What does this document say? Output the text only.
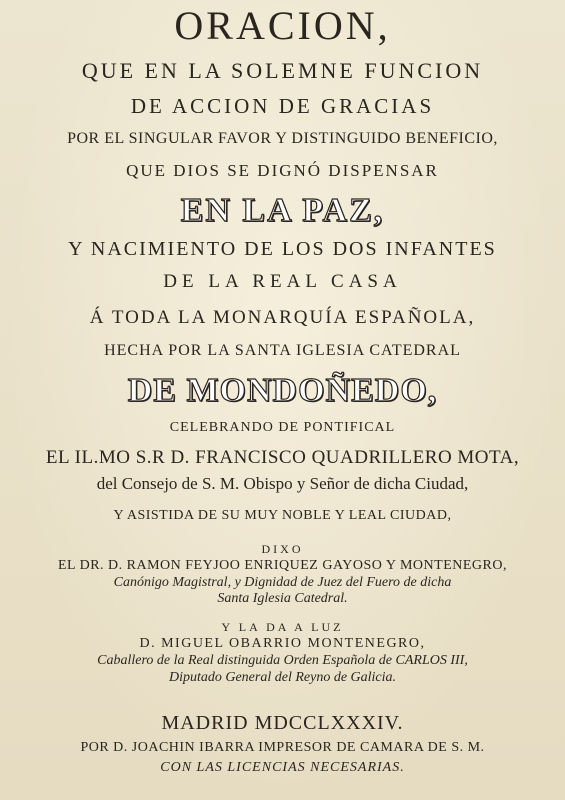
ORACION,
QUE EN LA SOLEMNE FUNCION
DE ACCION DE GRACIAS
POR EL SINGULAR FAVOR Y DISTINGUIDO BENEFICIO,
QUE DIOS SE DIGNÓ DISPENSAR
EN LA PAZ,
Y NACIMIENTO DE LOS DOS INFANTES
DE LA REAL CASA
Á TODA LA MONARQUÍA ESPAÑOLA,
HECHA POR LA SANTA IGLESIA CATEDRAL
DE MONDOÑEDO,
CELEBRANDO DE PONTIFICAL
EL IL.MO S.R D. FRANCISCO QUADRILLERO MOTA,
del Consejo de S. M. Obispo y Señor de dicha Ciudad,
Y ASISTIDA DE SU MUY NOBLE Y LEAL CIUDAD,
DIXO
EL DR. D. RAMON FEYJOO ENRIQUEZ GAYOSO Y MONTENEGRO,
Canónigo Magistral, y Dignidad de Juez del Fuero de dicha
Santa Iglesia Catedral.
Y LA DA A LUZ
D. MIGUEL OBARRIO MONTENEGRO,
Caballero de la Real distinguida Orden Española de CARLOS III,
Diputado General del Reyno de Galicia.
MADRID MDCCLXXXIV.
POR D. JOACHIN IBARRA IMPRESOR DE CAMARA DE S. M.
CON LAS LICENCIAS NECESARIAS.
